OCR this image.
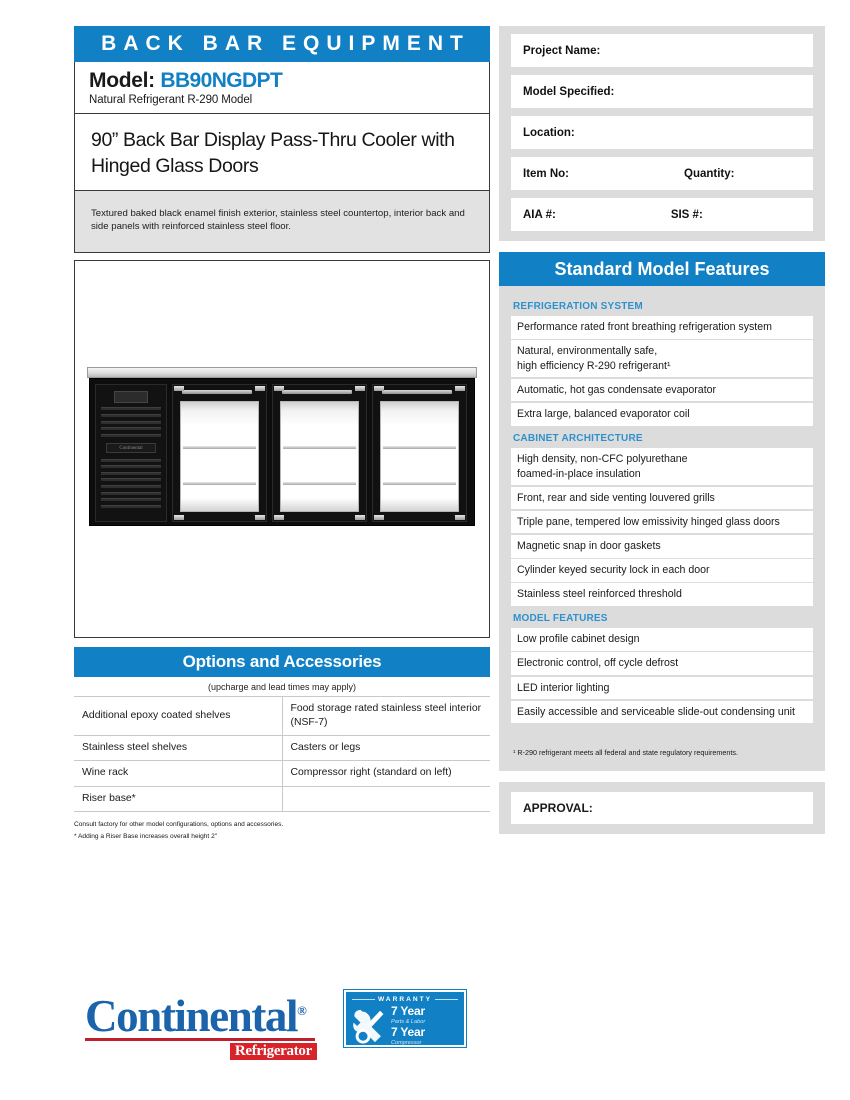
BACK BAR EQUIPMENT
Model: BB90NGDPT
Natural Refrigerant R-290 Model
90” Back Bar Display Pass-Thru Cooler with Hinged Glass Doors
Textured baked black enamel finish exterior, stainless steel countertop, interior back and side panels with reinforced stainless steel floor.
Continental
Options and Accessories
(upcharge and lead times may apply)
Additional epoxy coated shelves	Food storage rated stainless steel interior (NSF-7)
Stainless steel shelves	Casters or legs
Wine rack	Compressor right (standard on left)
Riser base*	
Consult factory for other model configurations, options and accessories.
* Adding a Riser Base increases overall height 2"
Continental®
Refrigerator
WARRANTY
7 Year
Parts & Labor
7 Year
Compressor
Project Name:
Model Specified:
Location:
Item No:	Quantity:
AIA #:	SIS #:
Standard Model Features
REFRIGERATION SYSTEM
Performance rated front breathing refrigeration system
Natural, environmentally safe,
high efficiency R-290 refrigerant¹
Automatic, hot gas condensate evaporator
Extra large, balanced evaporator coil
CABINET ARCHITECTURE
High density, non-CFC polyurethane
foamed-in-place insulation
Front, rear and side venting louvered grills
Triple pane, tempered low emissivity hinged glass doors
Magnetic snap in door gaskets
Cylinder keyed security lock in each door
Stainless steel reinforced threshold
MODEL FEATURES
Low profile cabinet design
Electronic control, off cycle defrost
LED interior lighting
Easily accessible and serviceable slide-out condensing unit
¹ R-290 refrigerant meets all federal and state regulatory requirements.
APPROVAL:
